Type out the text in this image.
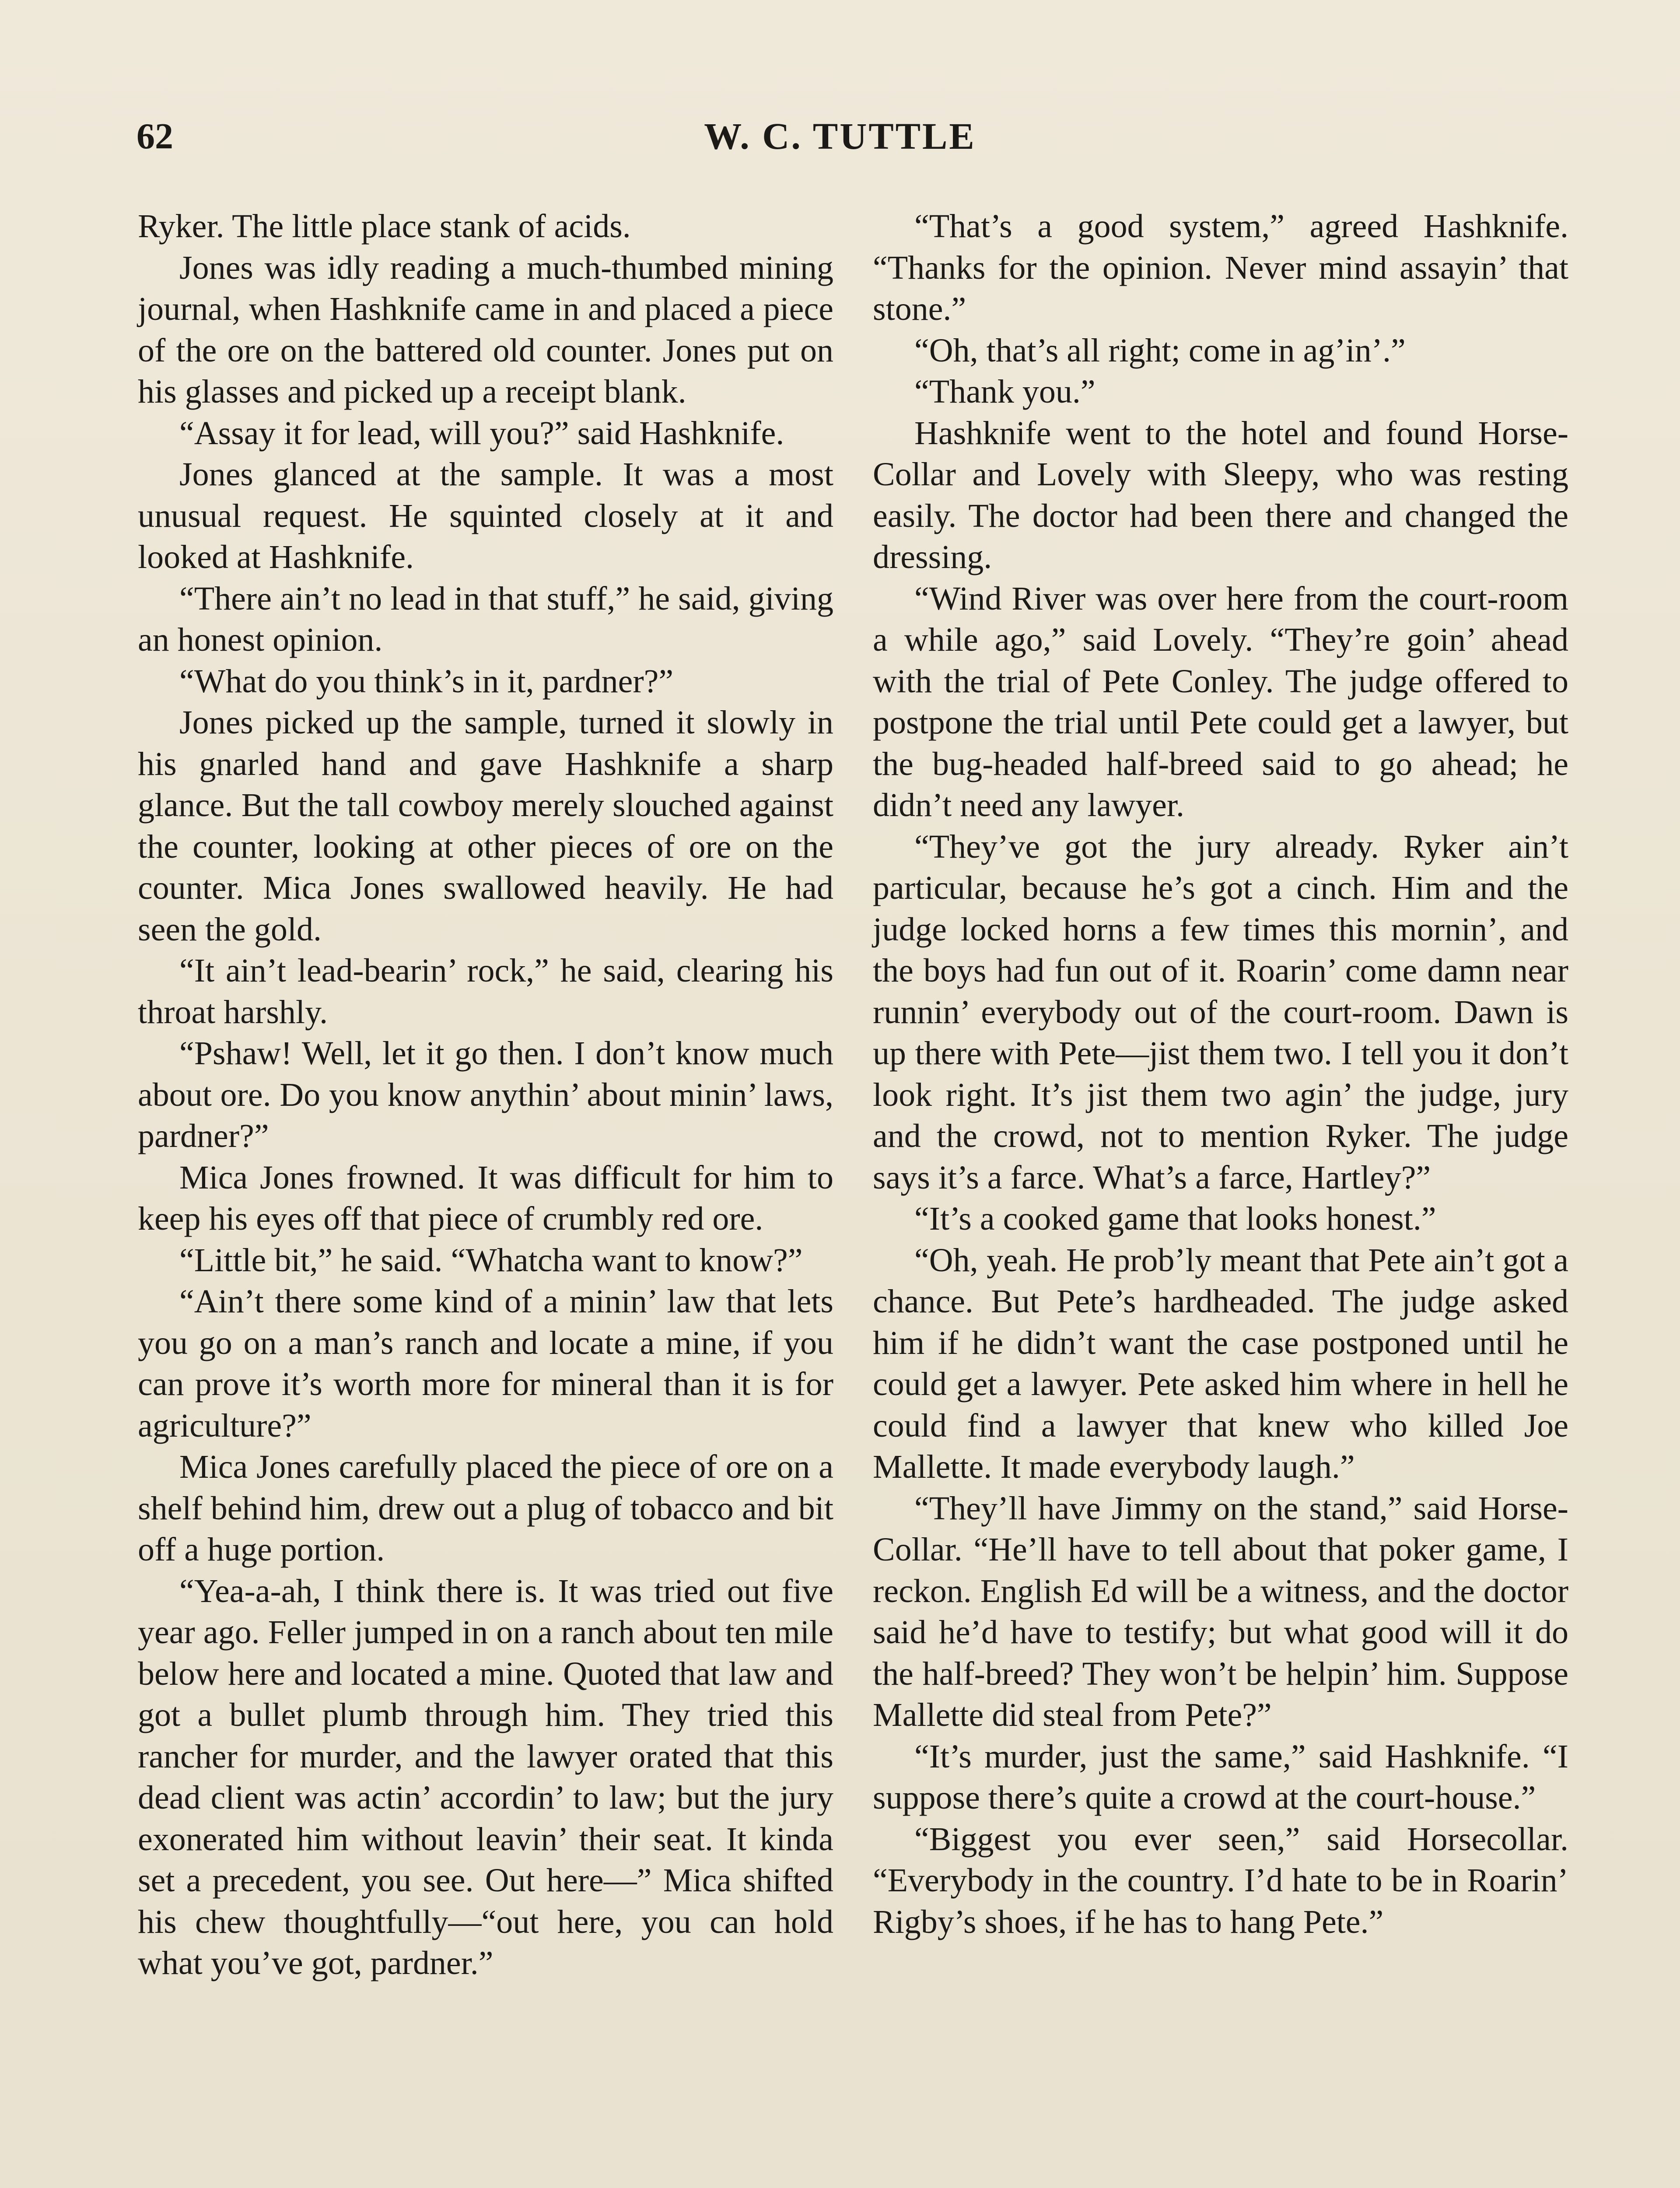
62	W. C. TUTTLE

Ryker. The little place stank of acids.

Jones was idly reading a much-thumbed mining journal, when Hashknife came in and placed a piece of the ore on the battered old counter. Jones put on his glasses and picked up a receipt blank.

“Assay it for lead, will you?” said Hashknife.

Jones glanced at the sample. It was a most unusual request. He squinted closely at it and looked at Hashknife.

“There ain’t no lead in that stuff,” he said, giving an honest opinion.

“What do you think’s in it, pardner?”

Jones picked up the sample, turned it slowly in his gnarled hand and gave Hashknife a sharp glance. But the tall cowboy merely slouched against the counter, looking at other pieces of ore on the counter. Mica Jones swallowed heavily. He had seen the gold.

“It ain’t lead-bearin’ rock,” he said, clearing his throat harshly.

“Pshaw! Well, let it go then. I don’t know much about ore. Do you know anythin’ about minin’ laws, pardner?”

Mica Jones frowned. It was difficult for him to keep his eyes off that piece of crumbly red ore.

“Little bit,” he said. “Whatcha want to know?”

“Ain’t there some kind of a minin’ law that lets you go on a man’s ranch and locate a mine, if you can prove it’s worth more for mineral than it is for agriculture?”

Mica Jones carefully placed the piece of ore on a shelf behind him, drew out a plug of tobacco and bit off a huge portion.

“Yea-a-ah, I think there is. It was tried out five year ago. Feller jumped in on a ranch about ten mile below here and located a mine. Quoted that law and got a bullet plumb through him. They tried this rancher for murder, and the lawyer orated that this dead client was actin’ accordin’ to law; but the jury exonerated him without leavin’ their seat. It kinda set a precedent, you see. Out here—” Mica shifted his chew thoughtfully—“out here, you can hold what you’ve got, pardner.”

“That’s a good system,” agreed Hashknife. “Thanks for the opinion. Never mind assayin’ that stone.”

“Oh, that’s all right; come in ag’in’.”

“Thank you.”

Hashknife went to the hotel and found Horse-Collar and Lovely with Sleepy, who was resting easily. The doctor had been there and changed the dressing.

“Wind River was over here from the court-room a while ago,” said Lovely. “They’re goin’ ahead with the trial of Pete Conley. The judge offered to postpone the trial until Pete could get a lawyer, but the bug-headed half-breed said to go ahead; he didn’t need any lawyer.

“They’ve got the jury already. Ryker ain’t particular, because he’s got a cinch. Him and the judge locked horns a few times this mornin’, and the boys had fun out of it. Roarin’ come damn near runnin’ everybody out of the court-room. Dawn is up there with Pete—jist them two. I tell you it don’t look right. It’s jist them two agin’ the judge, jury and the crowd, not to mention Ryker. The judge says it’s a farce. What’s a farce, Hartley?”

“It’s a cooked game that looks honest.”

“Oh, yeah. He prob’ly meant that Pete ain’t got a chance. But Pete’s hardheaded. The judge asked him if he didn’t want the case postponed until he could get a lawyer. Pete asked him where in hell he could find a lawyer that knew who killed Joe Mallette. It made everybody laugh.”

“They’ll have Jimmy on the stand,” said Horse-Collar. “He’ll have to tell about that poker game, I reckon. English Ed will be a witness, and the doctor said he’d have to testify; but what good will it do the half-breed? They won’t be helpin’ him. Suppose Mallette did steal from Pete?”

“It’s murder, just the same,” said Hashknife. “I suppose there’s quite a crowd at the court-house.”

“Biggest you ever seen,” said Horsecollar. “Everybody in the country. I’d hate to be in Roarin’ Rigby’s shoes, if he has to hang Pete.”
